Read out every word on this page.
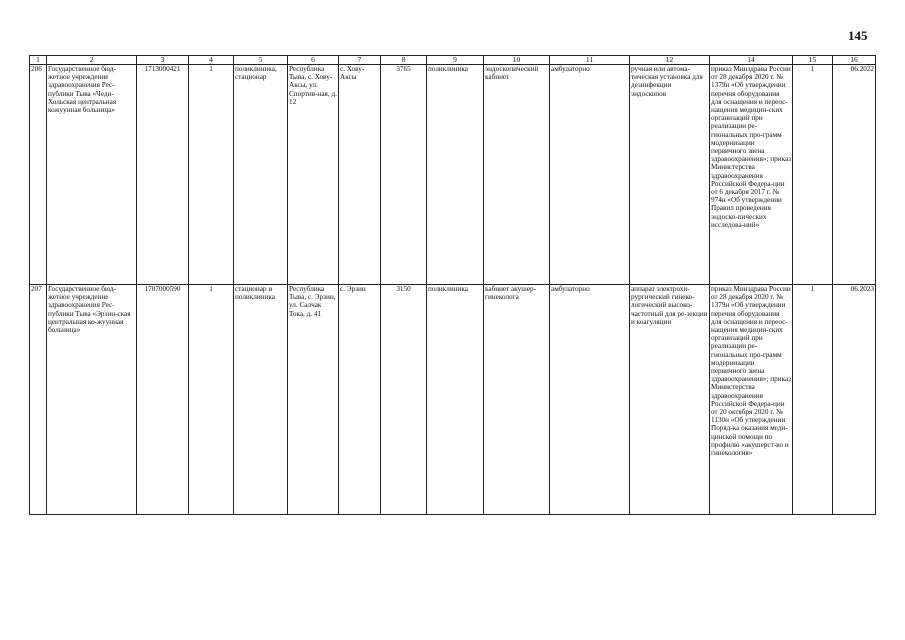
145
1	2	3	4	5	6	7	8	9	10	11	12	14	15	16
206	Государственное бюд-жетное учреждение здравоохранения Рес-публики Тыва «Чеди-Хольская центральная кожуунная больница»	1713000421	1	поликлиника, стационар	Республика Тыва, с. Хову-Аксы, ул. Спортив-ная, д. 12	с. Хову-Аксы	3765	поликлиника	эндоскопический кабинет	амбулаторно	ручная или автома-тическая установка для дезинфекции эндоскопов	приказ Минздрава России от 28 декабря 2020 г. № 1379н «Об утверждении перечня оборудования для оснащения и переос-нащения медицин-ских организаций при реализации ре-гиональных про-грамм модернизации первичного звена здравоохранения»; приказ Министерства здравоохранения Российской Федера-ции от 6 декабря 2017 г. № 974н «Об утверждении Правил проведения эндоско-пических исследова-ний»	1	06.2022
207	Государственное бюд-жетное учреждение здравоохранения Рес-публики Тыва «Эрзин-ская центральная ко-жуунная больница»	1707000590	1	стационар и поликлиника	Республика Тыва, с. Эрзин, ул. Салчак Тока, д. 41	с. Эрзин	3150	поликлиника	кабинет акушер-гинеколога	амбулаторно	аппарат электрохи-рургический гинеко-логический высоко-частотный для ре-зекции и коагуляции	приказ Минздрава России от 28 декабря 2020 г. № 1379н «Об утверждении перечня оборудования для оснащения и переос-нащения медицин-ских организаций при реализации ре-гиональных про-грамм модернизации первичного звена здравоохранения»; приказ Министерства здравоохранения Российской Федера-ции от 20 октября 2020 г. № 1130н «Об утверждении Поряд-ка оказания меди-цинской помощи по профилю «акушерст-во и гинекология»	1	06.2023
